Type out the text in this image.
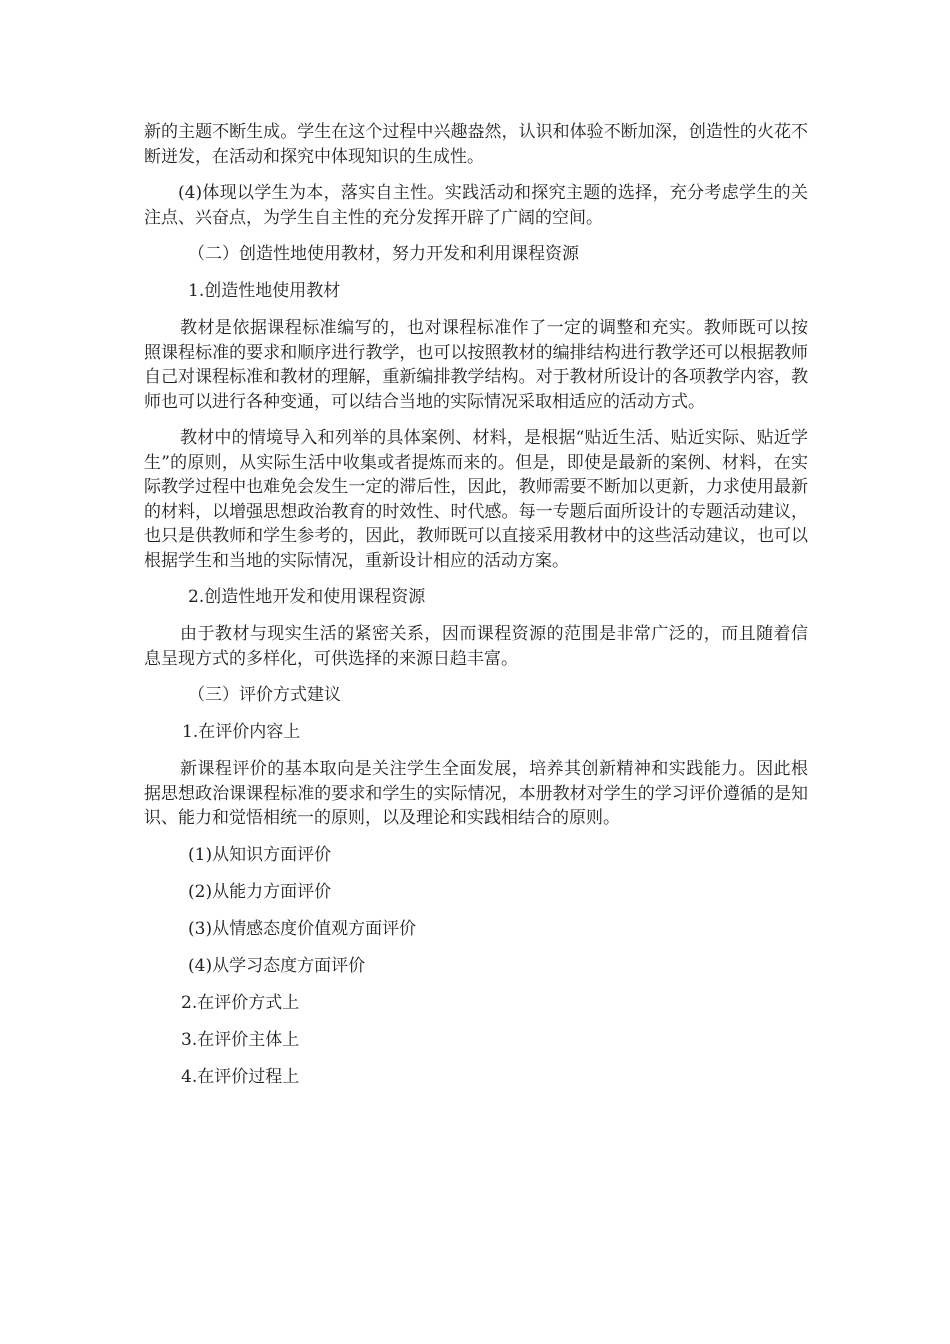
新的主题不断生成。学生在这个过程中兴趣盎然，认识和体验不断加深，创造性的火花不断迸发，在活动和探究中体现知识的生成性。

(4)体现以学生为本，落实自主性。实践活动和探究主题的选择，充分考虑学生的关注点、兴奋点，为学生自主性的充分发挥开辟了广阔的空间。

（二）创造性地使用教材，努力开发和利用课程资源
1.创造性地使用教材

教材是依据课程标准编写的，也对课程标准作了一定的调整和充实。教师既可以按照课程标准的要求和顺序进行教学，也可以按照教材的编排结构进行教学还可以根据教师自己对课程标准和教材的理解，重新编排教学结构。对于教材所设计的各项教学内容，教师也可以进行各种变通，可以结合当地的实际情况采取相适应的活动方式。

教材中的情境导入和列举的具体案例、材料，是根据“贴近生活、贴近实际、贴近学生”的原则，从实际生活中收集或者提炼而来的。但是，即使是最新的案例、材料，在实际教学过程中也难免会发生一定的滞后性，因此，教师需要不断加以更新，力求使用最新的材料，以增强思想政治教育的时效性、时代感。每一专题后面所设计的专题活动建议，也只是供教师和学生参考的，因此，教师既可以直接采用教材中的这些活动建议，也可以根据学生和当地的实际情况，重新设计相应的活动方案。

2.创造性地开发和使用课程资源

由于教材与现实生活的紧密关系，因而课程资源的范围是非常广泛的，而且随着信息呈现方式的多样化，可供选择的来源日趋丰富。

（三）评价方式建议
1.在评价内容上

新课程评价的基本取向是关注学生全面发展，培养其创新精神和实践能力。因此根据思想政治课课程标准的要求和学生的实际情况，本册教材对学生的学习评价遵循的是知识、能力和觉悟相统一的原则，以及理论和实践相结合的原则。

(1)从知识方面评价
(2)从能力方面评价
(3)从情感态度价值观方面评价
(4)从学习态度方面评价
2.在评价方式上
3.在评价主体上
4.在评价过程上
